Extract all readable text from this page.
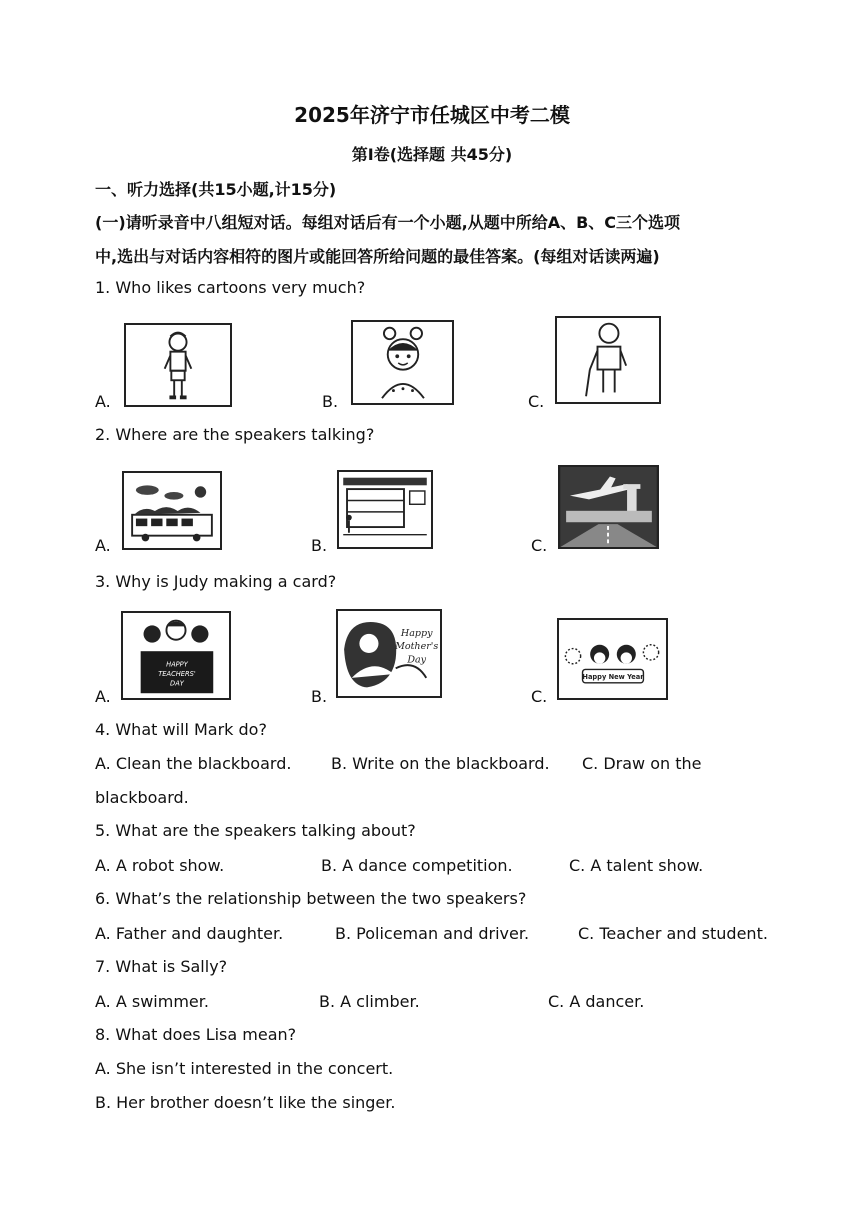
2025年济宁市任城区中考二模
第Ⅰ卷(选择题 共45分)
一、听力选择(共15小题,计15分)
(一)请听录音中八组短对话。每组对话后有一个小题,从题中所给A、B、C三个选项
中,选出与对话内容相符的图片或能回答所给问题的最佳答案。(每组对话读两遍)
1. Who likes cartoons very much?
A.	B.	C.
2. Where are the speakers talking?
A.	B.	C.
3. Why is Judy making a card?
A.
HAPPY
TEACHERS'
DAY
B.
Happy
Mother's
Day
C.
Happy New Year
4. What will Mark do?
A. Clean the blackboard. B. Write on the blackboard. C. Draw on the
blackboard.
5. What are the speakers talking about?
A. A robot show.	B. A dance competition.	C. A talent show.
6. What’s the relationship between the two speakers?
A. Father and daughter.	B. Policeman and driver.	C. Teacher and student.
7. What is Sally?
A. A swimmer.	B. A climber.	C. A dancer.
8. What does Lisa mean?
A. She isn’t interested in the concert.
B. Her brother doesn’t like the singer.
